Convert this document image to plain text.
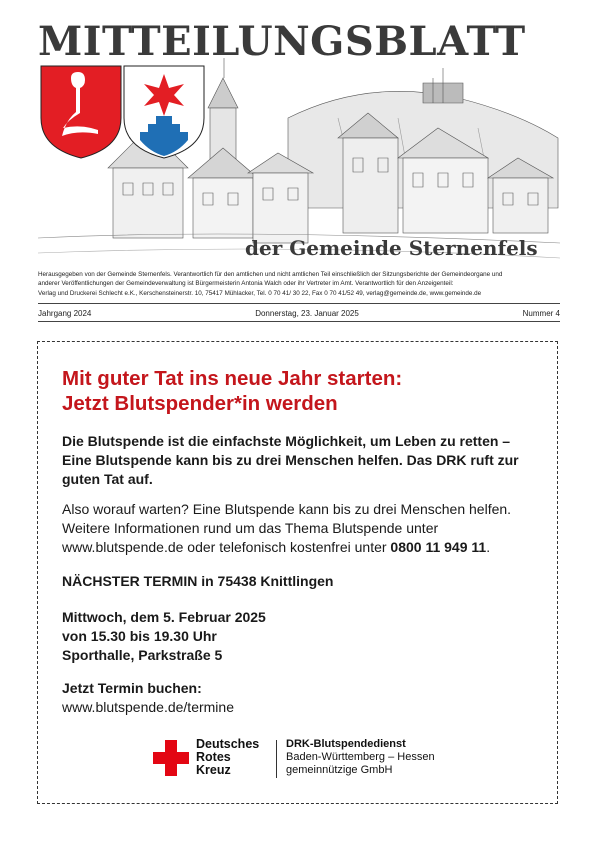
MITTEILUNGSBLATT
der Gemeinde Sternenfels
Herausgegeben von der Gemeinde Sternenfels. Verantwortlich für den amtlichen und nicht amtlichen Teil einschließlich der Sitzungsberichte der Gemeindeorgane und
anderer Veröffentlichungen der Gemeindeverwaltung ist Bürgermeisterin Antonia Walch oder ihr Vertreter im Amt. Verantwortlich für den Anzeigenteil:
Verlag und Druckerei Schlecht e.K., Kerschensteinerstr. 10, 75417 Mühlacker, Tel. 0 70 41/ 30 22, Fax 0 70 41/52 49, verlag@gemeinde.de, www.gemeinde.de
Jahrgang 2024	Donnerstag, 23. Januar 2025	Nummer 4
Mit guter Tat ins neue Jahr starten:
Jetzt Blutspender*in werden
Die Blutspende ist die einfachste Möglichkeit, um Leben zu retten – Eine Blutspende kann bis zu drei Menschen helfen. Das DRK ruft zur guten Tat auf.
Also worauf warten? Eine Blutspende kann bis zu drei Menschen helfen. Weitere Informationen rund um das Thema Blutspende unter www.blutspende.de oder telefonisch kostenfrei unter 0800 11 949 11.
NÄCHSTER TERMIN in 75438 Knittlingen
Mittwoch, dem 5. Februar 2025
von 15.30 bis 19.30 Uhr
Sporthalle, Parkstraße 5
Jetzt Termin buchen:
www.blutspende.de/termine
Deutsches
Rotes
Kreuz
DRK-Blutspendedienst
Baden-Württemberg – Hessen
gemeinnützige GmbH
